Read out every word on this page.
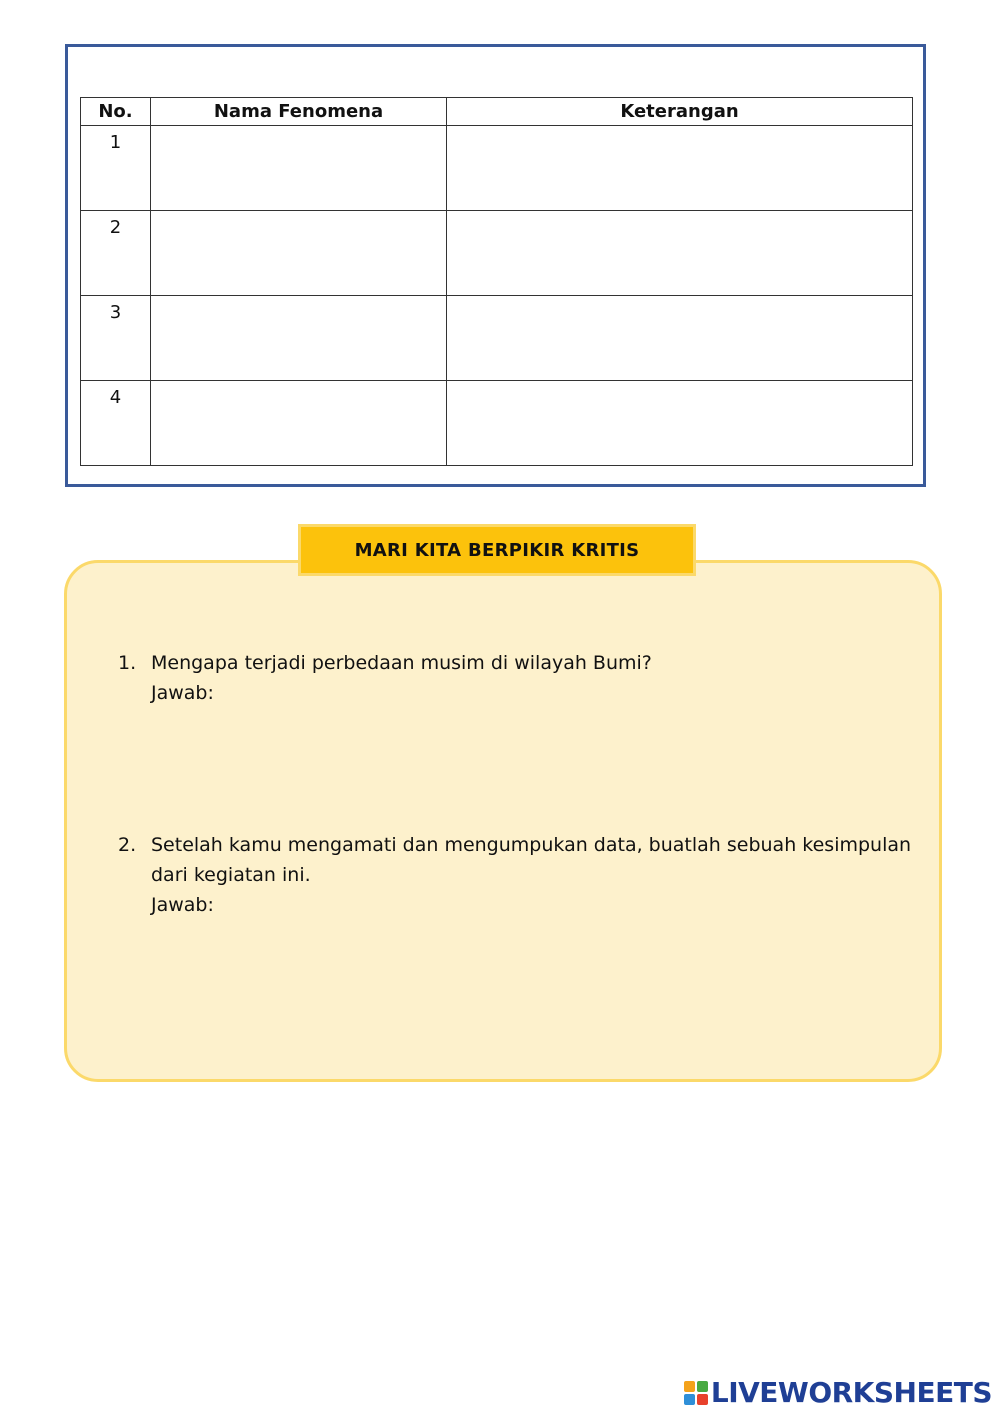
No.	Nama Fenomena	Keterangan
1		
2		
3		
4		
MARI KITA BERPIKIR KRITIS
1. Mengapa terjadi perbedaan musim di wilayah Bumi?
Jawab:
2. Setelah kamu mengamati dan mengumpukan data, buatlah sebuah kesimpulan dari kegiatan ini.
Jawab:
LIVEWORKSHEETS
